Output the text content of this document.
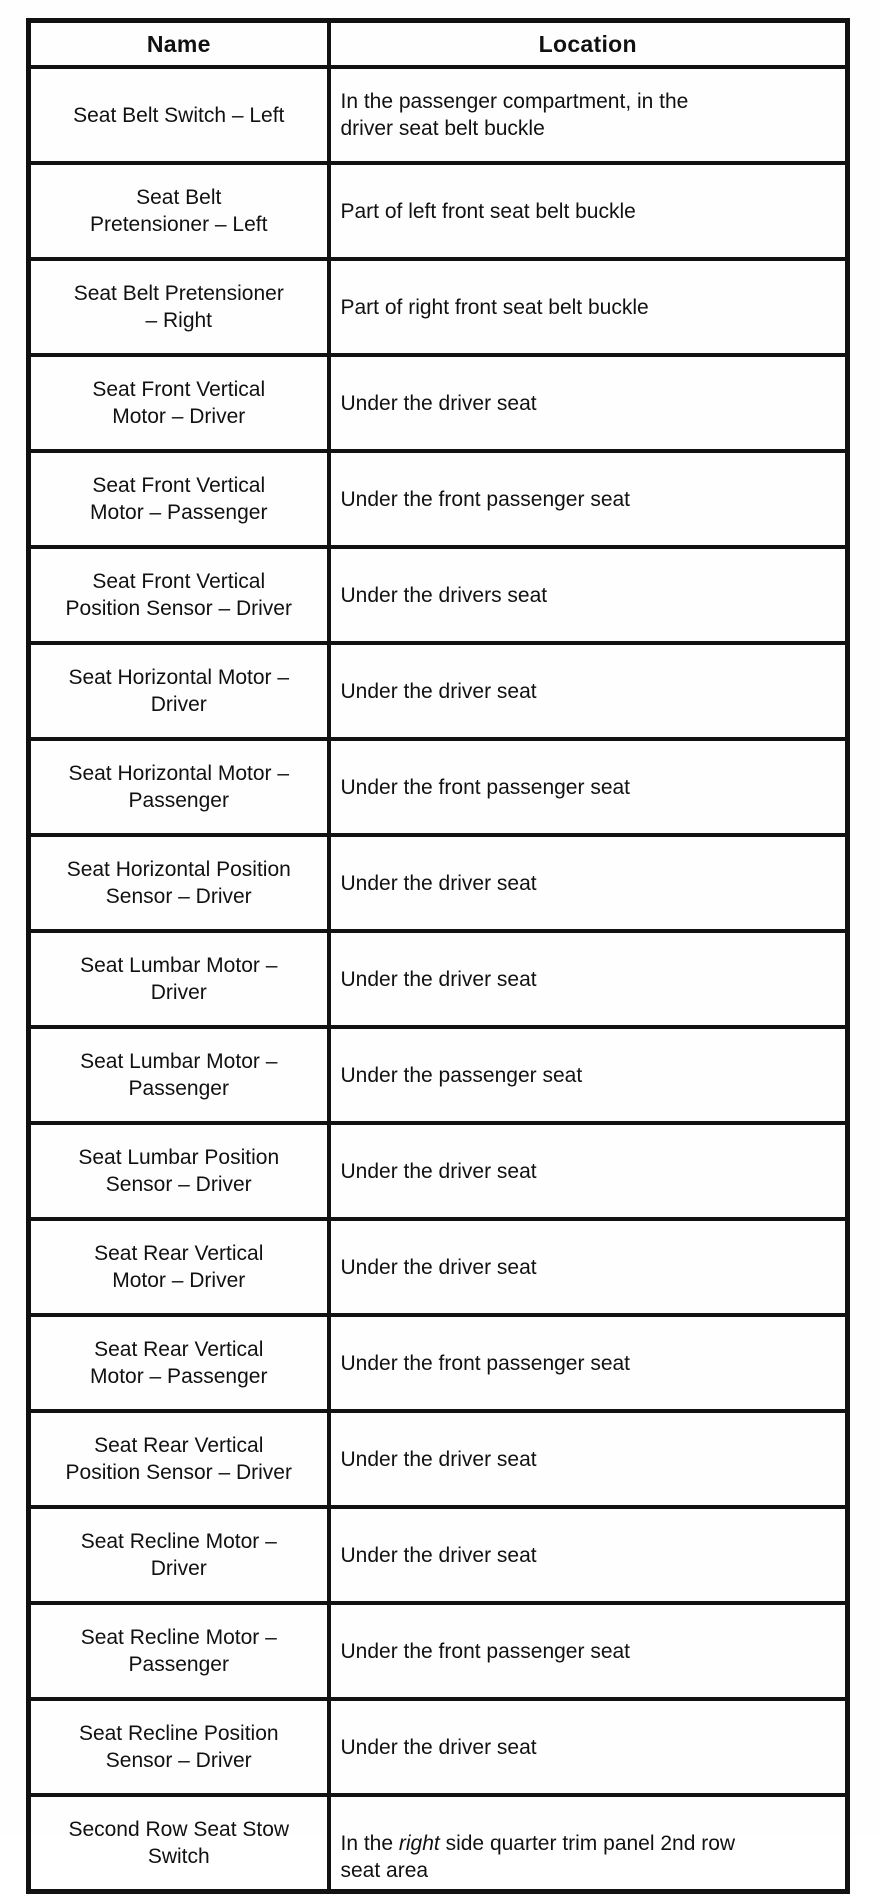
Name	Location
Seat Belt Switch – Left	In the passenger compartment, in the
driver seat belt buckle
Seat Belt
Pretensioner – Left	Part of left front seat belt buckle
Seat Belt Pretensioner
– Right	Part of right front seat belt buckle
Seat Front Vertical
Motor – Driver	Under the driver seat
Seat Front Vertical
Motor – Passenger	Under the front passenger seat
Seat Front Vertical
Position Sensor – Driver	Under the drivers seat
Seat Horizontal Motor –
Driver	Under the driver seat
Seat Horizontal Motor –
Passenger	Under the front passenger seat
Seat Horizontal Position
Sensor – Driver	Under the driver seat
Seat Lumbar Motor –
Driver	Under the driver seat
Seat Lumbar Motor –
Passenger	Under the passenger seat
Seat Lumbar Position
Sensor – Driver	Under the driver seat
Seat Rear Vertical
Motor – Driver	Under the driver seat
Seat Rear Vertical
Motor – Passenger	Under the front passenger seat
Seat Rear Vertical
Position Sensor – Driver	Under the driver seat
Seat Recline Motor –
Driver	Under the driver seat
Seat Recline Motor –
Passenger	Under the front passenger seat
Seat Recline Position
Sensor – Driver	Under the driver seat
Second Row Seat Stow
Switch	In the right side quarter trim panel 2nd row
seat area
